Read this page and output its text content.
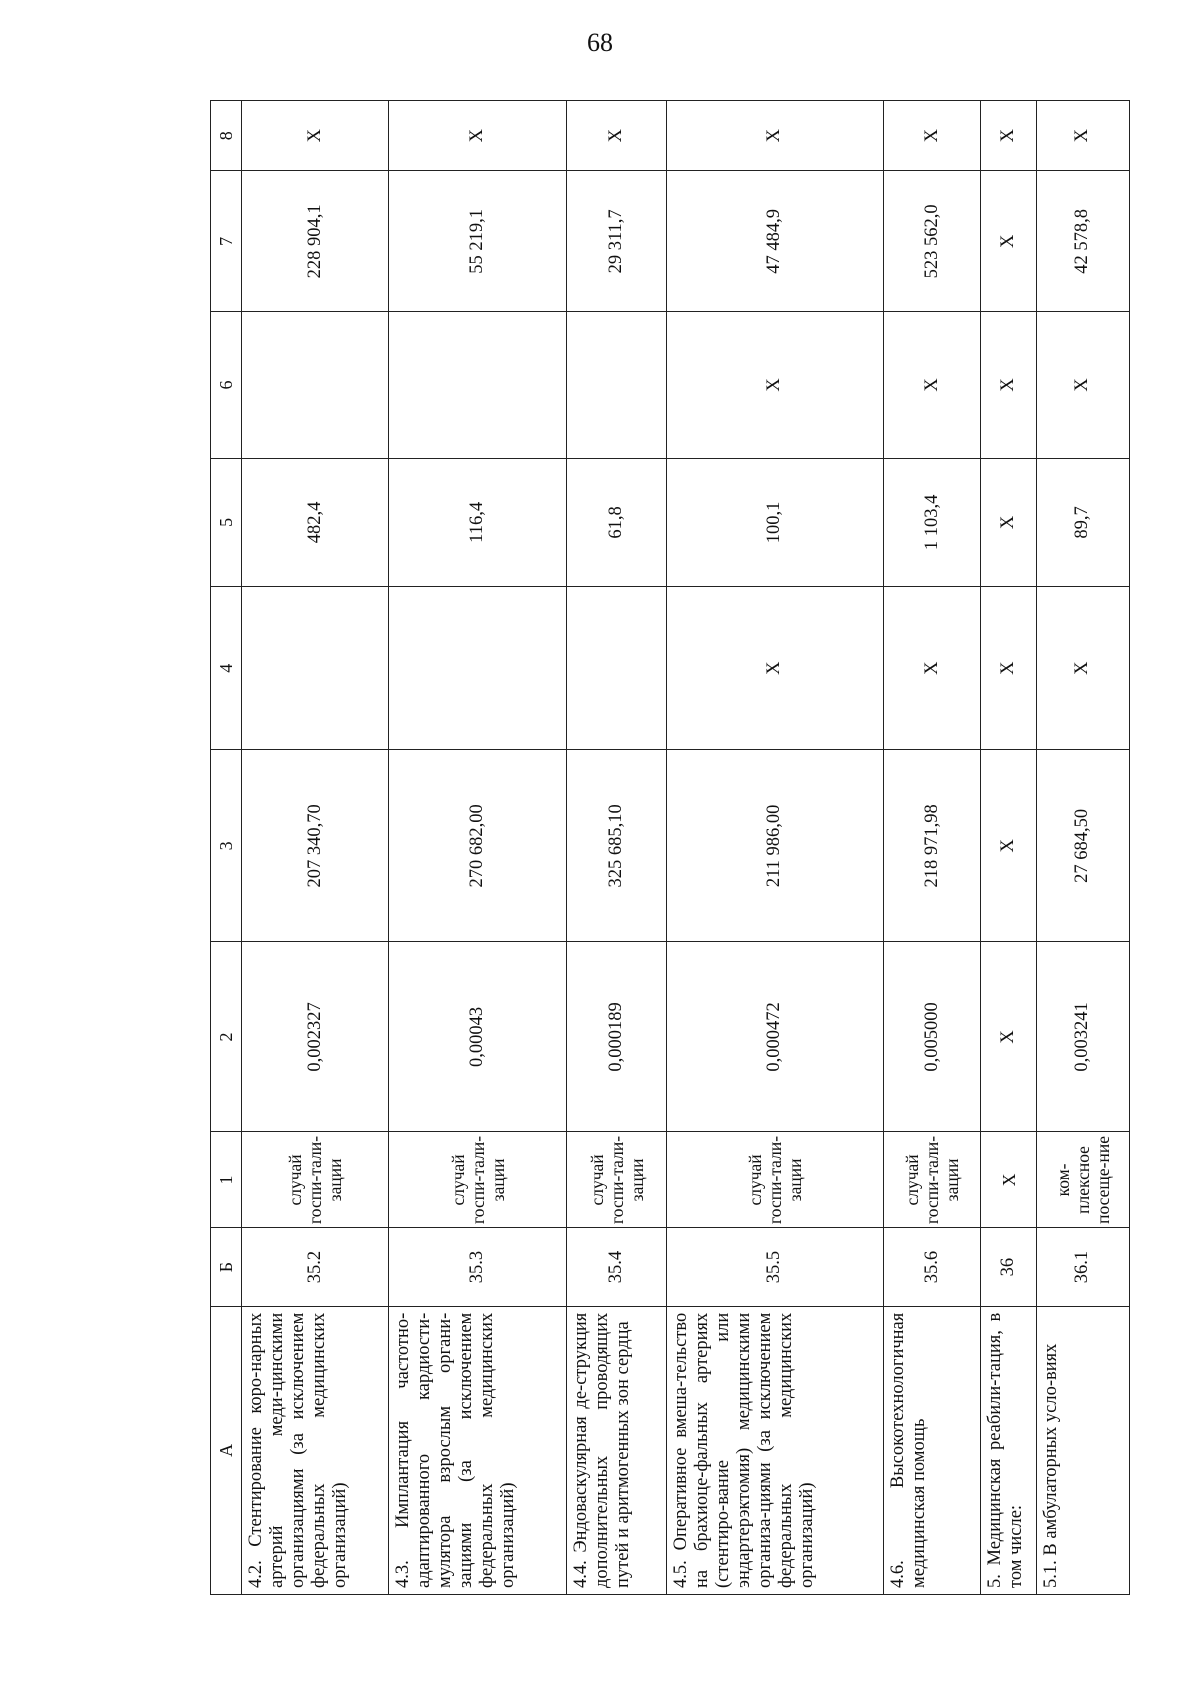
68
А	Б	1	2	3	4	5	6	7	8
4.2. Стентирование коро-нарных артерий меди-цинскими организациями (за исключением федеральных медицинских организаций)	35.2	случай госпи-тали-зации	0,002327	207 340,70		482,4		228 904,1	Х
4.3. Имплантация частотно-адаптированного кардиости-мулятора взрослым органи-зациями (за исключением федеральных медицинских организаций)	35.3	случай госпи-тали-зации	0,00043	270 682,00		116,4		55 219,1	Х
4.4. Эндоваскулярная де-струкция дополнительных проводящих путей и аритмогенных зон сердца	35.4	случай госпи-тали-зации	0,000189	325 685,10		61,8		29 311,7	Х
4.5. Оперативное вмеша-тельство на брахиоце-фальных артериях (стентиро-вание или эндартерэктомия) медицинскими организа-циями (за исключением федеральных медицинских организаций)	35.5	случай госпи-тали-зации	0,000472	211 986,00	Х	100,1	Х	47 484,9	Х
4.6. Высокотехнологичная медицинская помощь	35.6	случай госпи-тали-зации	0,005000	218 971,98	Х	1 103,4	Х	523 562,0	Х
5. Медицинская реабили-тация, в том числе:	36	Х	Х	Х	Х	Х	Х	Х	Х
5.1. В амбулаторных усло-виях	36.1	ком-плексное посеще-ние	0,003241	27 684,50	Х	89,7	Х	42 578,8	Х
